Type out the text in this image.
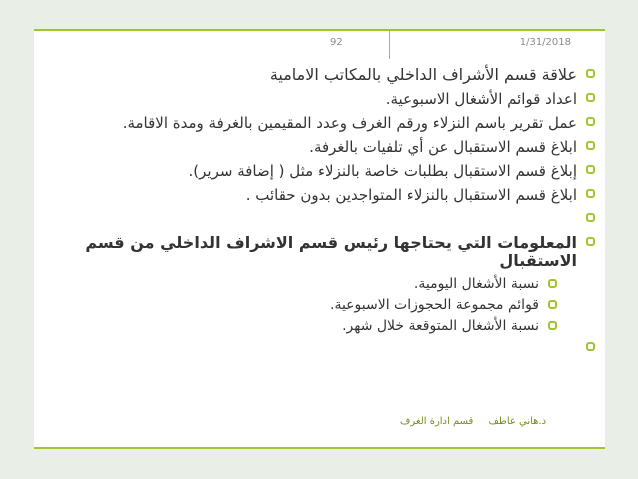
92	1/31/2018
علاقة قسم الأشراف الداخلي بالمكاتب الامامية
اعداد قوائم الأشغال الاسبوعية.
عمل تقرير باسم النزلاء ورقم الغرف وعدد المقيمين بالغرفة ومدة الاقامة.
ابلاغ قسم الاستقبال عن أي تلفيات بالغرفة.
إبلاغ قسم الاستقبال بطلبات خاصة بالنزلاء مثل ( إضافة سرير).
ابلاغ قسم الاستقبال بالنزلاء المتواجدين بدون حقائب .
المعلومات التي يحتاجها رئيس قسم الاشراف الداخلي من قسم الاستقبال
نسبة الأشغال اليومية.
قوائم مجموعة الحجوزات الاسبوعية.
نسبة الأشغال المتوقعة خلال شهر.
د.هاني عاطف قسم ادارة الغرف
